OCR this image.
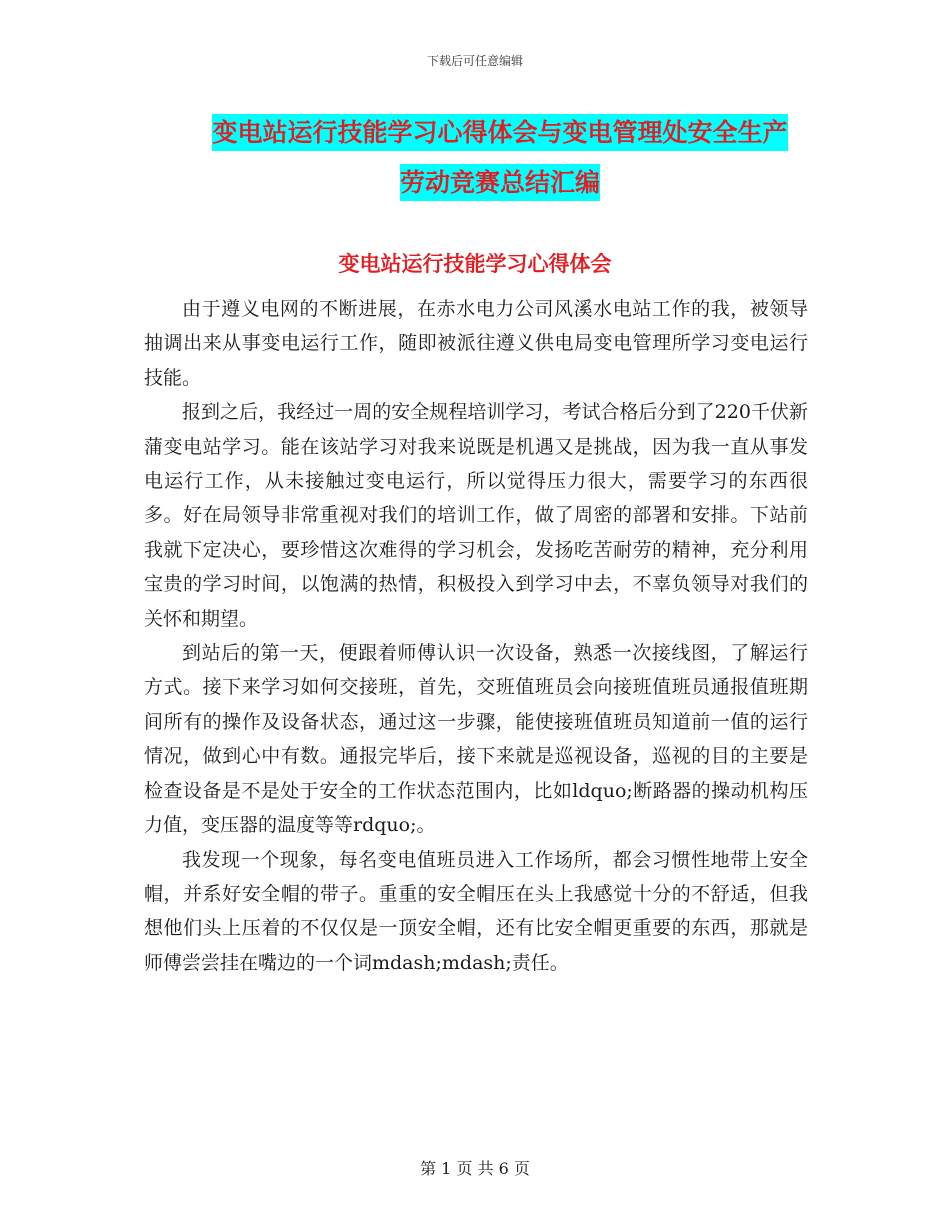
下载后可任意编辑
变电站运行技能学习心得体会与变电管理处安全生产
劳动竞赛总结汇编
变电站运行技能学习心得体会

由于遵义电网的不断进展，在赤水电力公司风溪水电站工作的我，被领导抽调出来从事变电运行工作，随即被派往遵义供电局变电管理所学习变电运行技能。

报到之后，我经过一周的安全规程培训学习，考试合格后分到了220千伏新蒲变电站学习。能在该站学习对我来说既是机遇又是挑战，因为我一直从事发电运行工作，从未接触过变电运行，所以觉得压力很大，需要学习的东西很多。好在局领导非常重视对我们的培训工作，做了周密的部署和安排。下站前我就下定决心，要珍惜这次难得的学习机会，发扬吃苦耐劳的精神，充分利用宝贵的学习时间，以饱满的热情，积极投入到学习中去，不辜负领导对我们的关怀和期望。

到站后的第一天，便跟着师傅认识一次设备，熟悉一次接线图，了解运行方式。接下来学习如何交接班，首先，交班值班员会向接班值班员通报值班期间所有的操作及设备状态，通过这一步骤，能使接班值班员知道前一值的运行情况，做到心中有数。通报完毕后，接下来就是巡视设备，巡视的目的主要是检查设备是不是处于安全的工作状态范围内，比如ldquo;断路器的操动机构压力值，变压器的温度等等rdquo;。

我发现一个现象，每名变电值班员进入工作场所，都会习惯性地带上安全帽，并系好安全帽的带子。重重的安全帽压在头上我感觉十分的不舒适，但我想他们头上压着的不仅仅是一顶安全帽，还有比安全帽更重要的东西，那就是师傅尝尝挂在嘴边的一个词mdash;mdash;责任。

第 1 页 共 6 页
